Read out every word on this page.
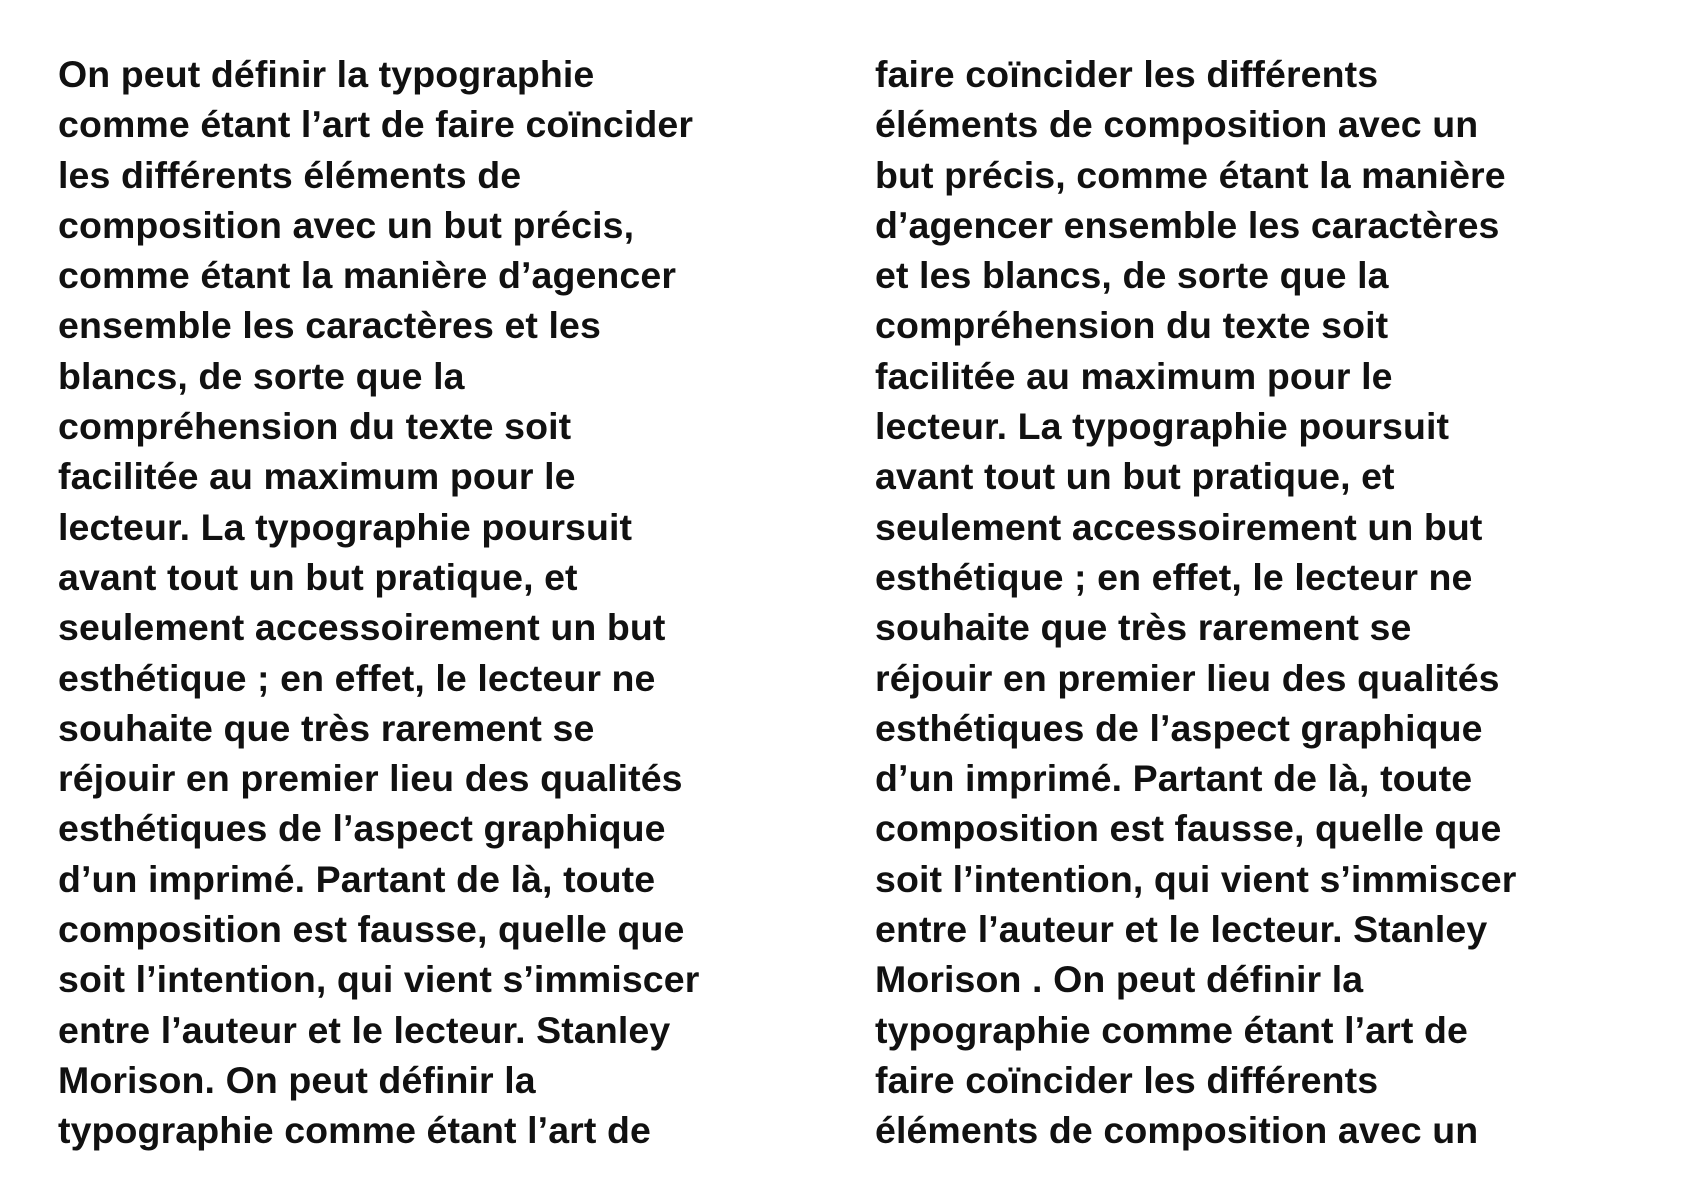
On peut définir la typographie
comme étant l’art de faire coïncider
les différents éléments de
composition avec un but précis,
comme étant la manière d’agencer
ensemble les caractères et les
blancs, de sorte que la
compréhension du texte soit
facilitée au maximum pour le
lecteur. La typographie poursuit
avant tout un but pratique, et
seulement accessoirement un but
esthétique ; en effet, le lecteur ne
souhaite que très rarement se
réjouir en premier lieu des qualités
esthétiques de l’aspect graphique
d’un imprimé. Partant de là, toute
composition est fausse, quelle que
soit l’intention, qui vient s’immiscer
entre l’auteur et le lecteur. Stanley
Morison. On peut définir la
typographie comme étant l’art de
faire coïncider les différents
éléments de composition avec un
but précis, comme étant la manière
d’agencer ensemble les caractères
et les blancs, de sorte que la
compréhension du texte soit
facilitée au maximum pour le
lecteur. La typographie poursuit
avant tout un but pratique, et
seulement accessoirement un but
esthétique ; en effet, le lecteur ne
souhaite que très rarement se
réjouir en premier lieu des qualités
esthétiques de l’aspect graphique
d’un imprimé. Partant de là, toute
composition est fausse, quelle que
soit l’intention, qui vient s’immiscer
entre l’auteur et le lecteur. Stanley
Morison . On peut définir la
typographie comme étant l’art de
faire coïncider les différents
éléments de composition avec un
